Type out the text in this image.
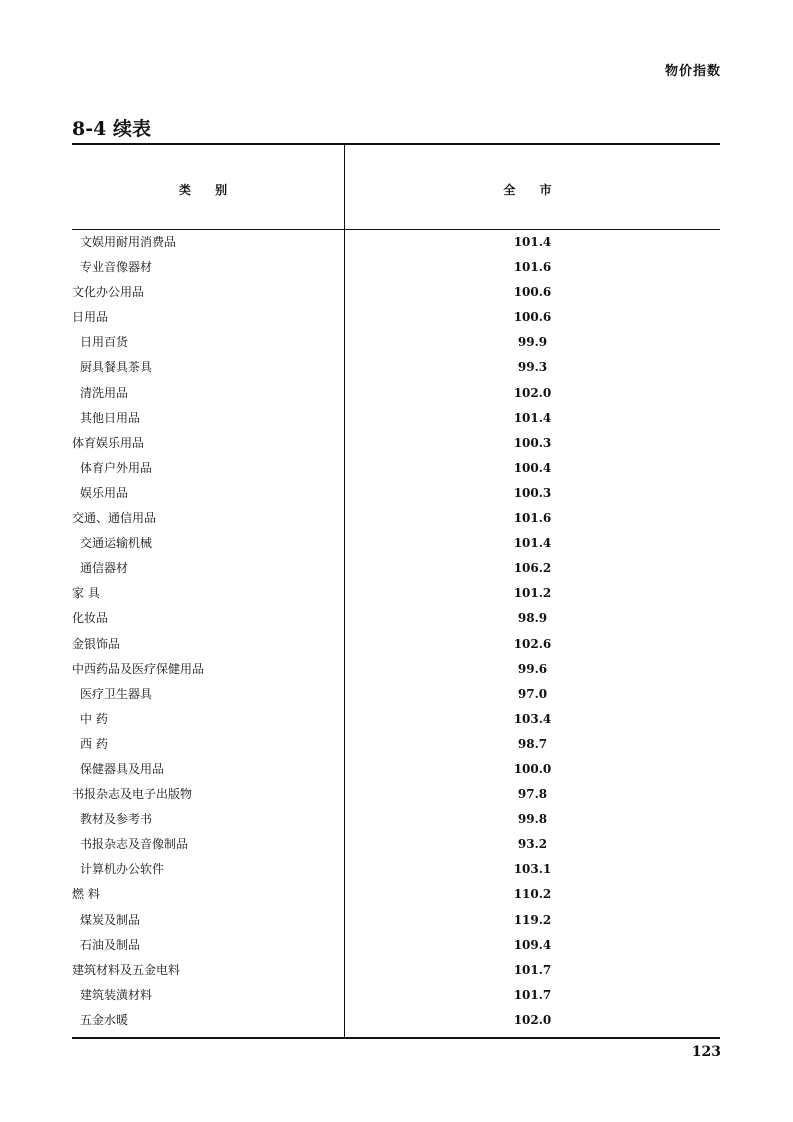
物价指数
8-4 续表
类 别	全 市
文娱用耐用消费品	101.4
专业音像器材	101.6
文化办公用品	100.6
日用品	100.6
日用百货	99.9
厨具餐具茶具	99.3
清洗用品	102.0
其他日用品	101.4
体育娱乐用品	100.3
体育户外用品	100.4
娱乐用品	100.3
交通、通信用品	101.6
交通运输机械	101.4
通信器材	106.2
家 具	101.2
化妆品	98.9
金银饰品	102.6
中西药品及医疗保健用品	99.6
医疗卫生器具	97.0
中 药	103.4
西 药	98.7
保健器具及用品	100.0
书报杂志及电子出版物	97.8
教材及参考书	99.8
书报杂志及音像制品	93.2
计算机办公软件	103.1
燃 料	110.2
煤炭及制品	119.2
石油及制品	109.4
建筑材料及五金电料	101.7
建筑装潢材料	101.7
五金水暖	102.0
123
